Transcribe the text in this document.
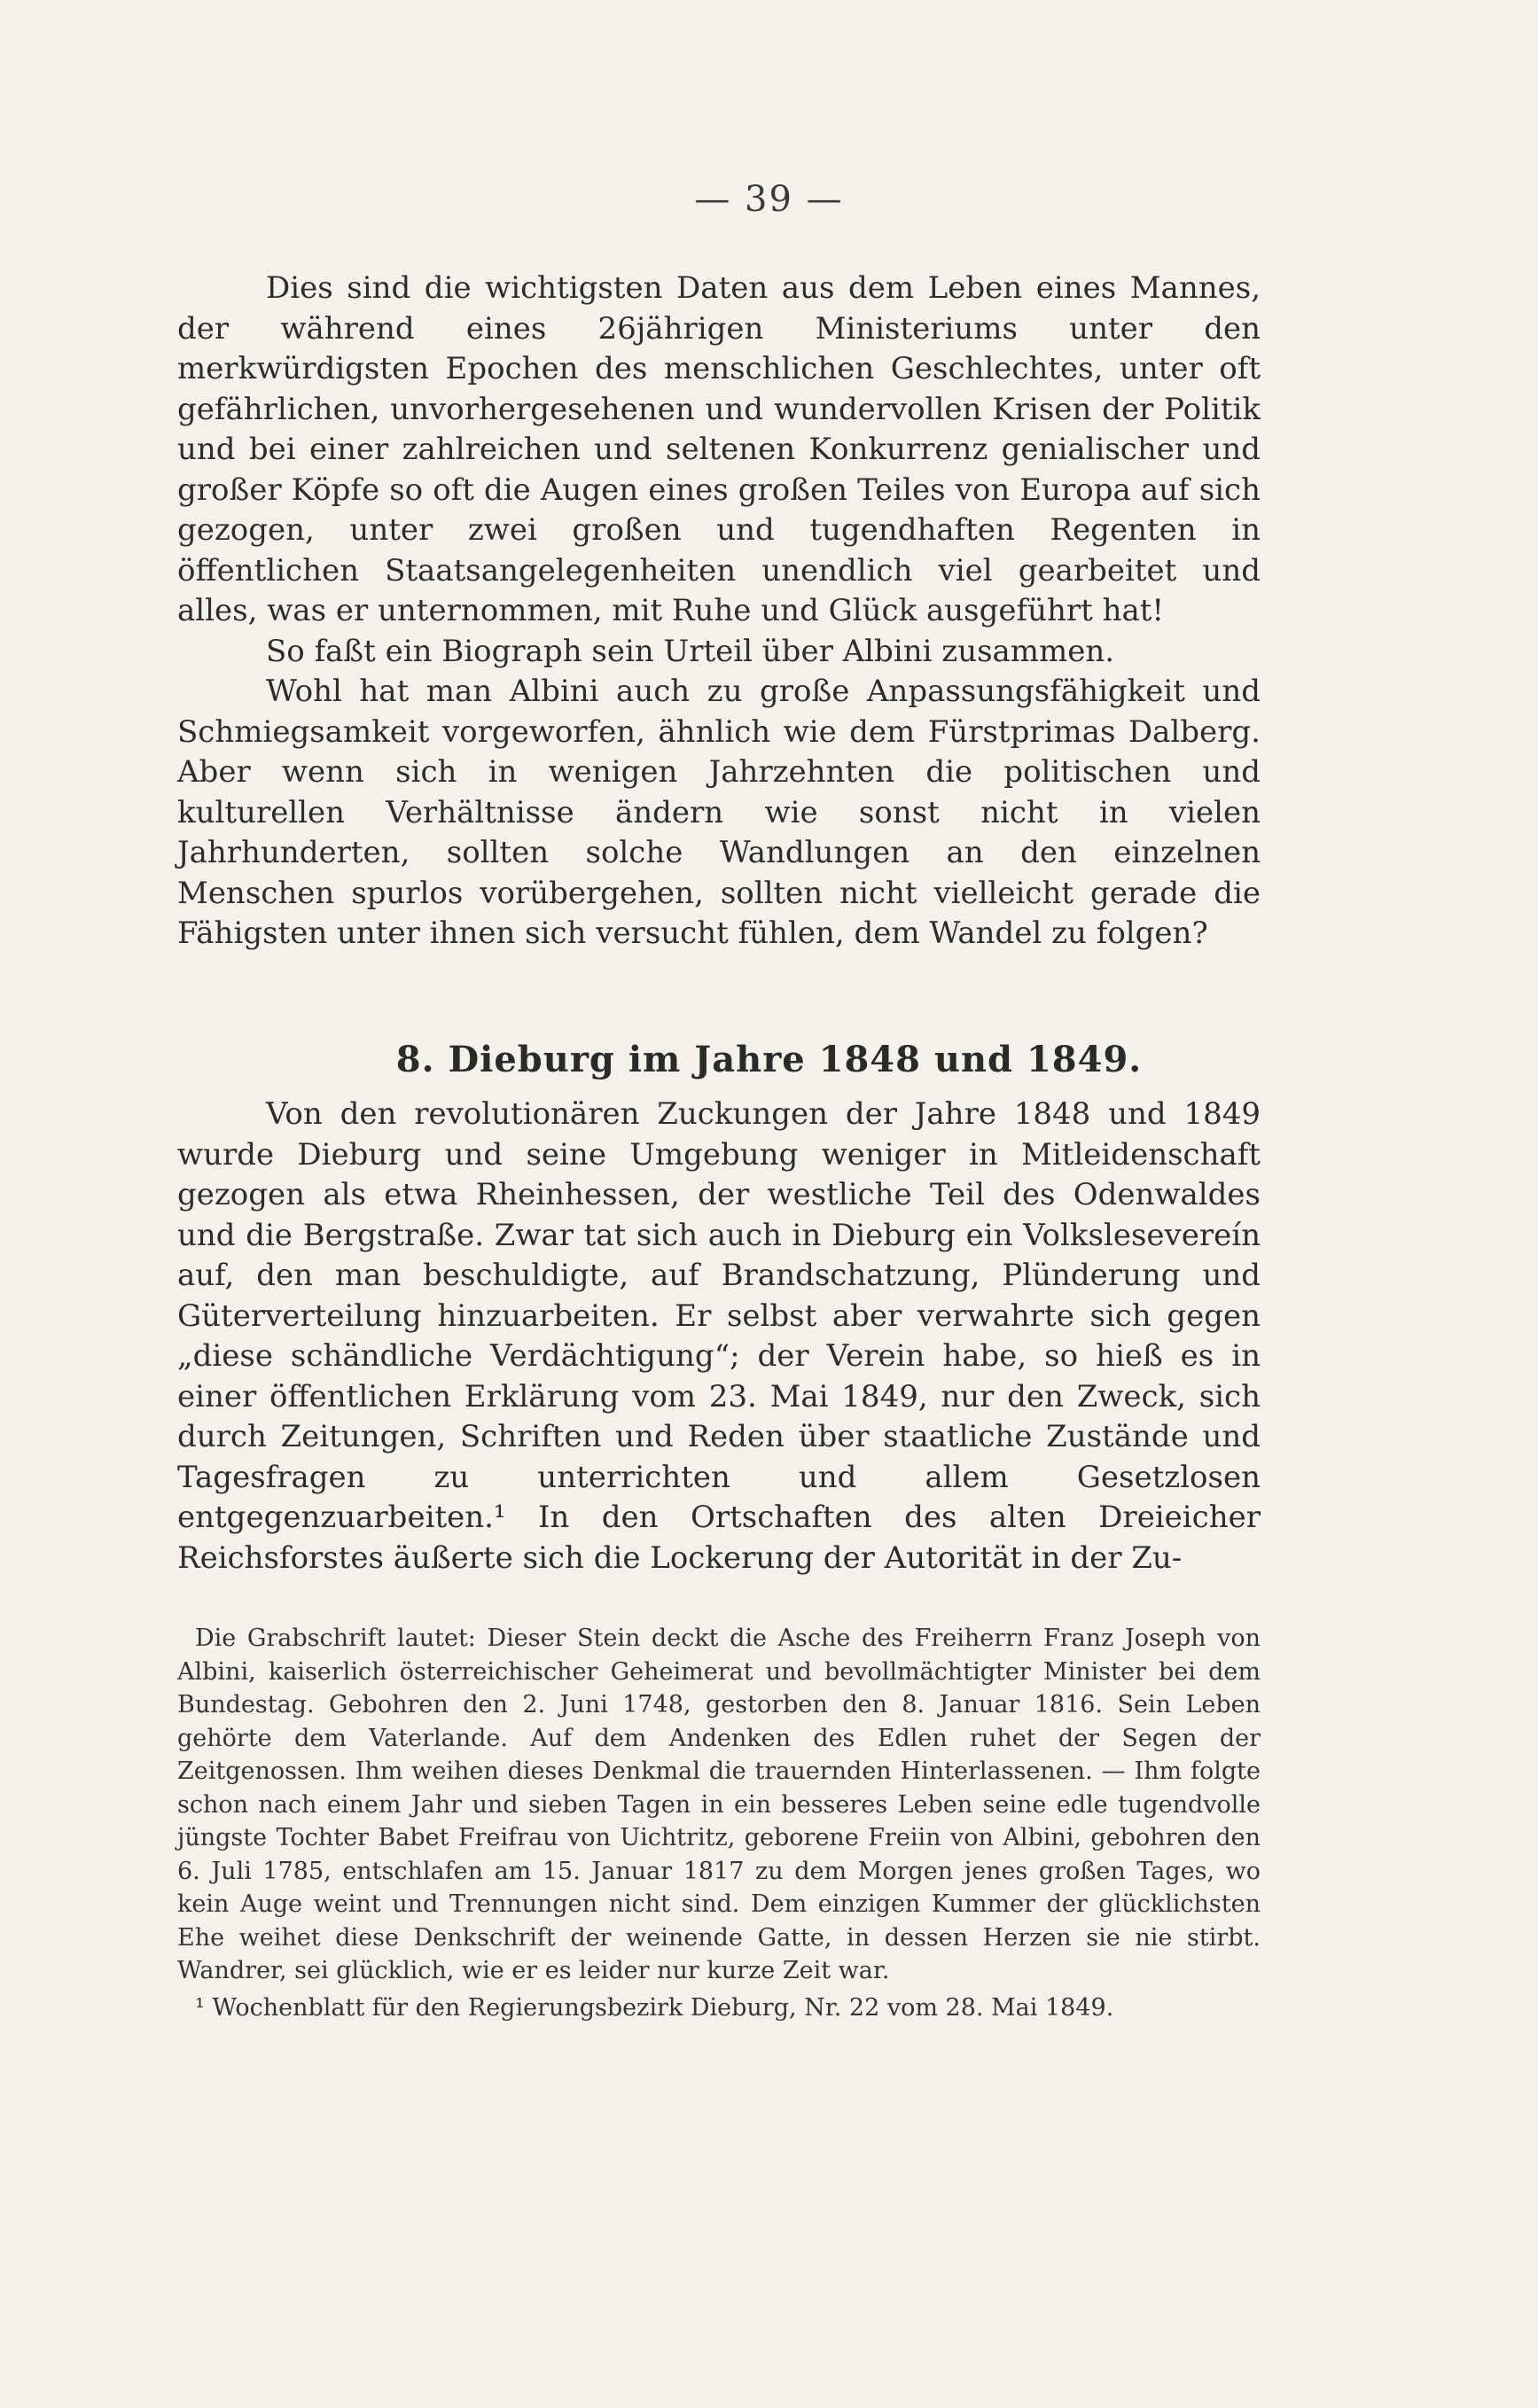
— 39 —

Dies sind die wichtigsten Daten aus dem Leben eines Mannes, der während eines 26jährigen Ministeriums unter den merkwürdigsten Epochen des menschlichen Geschlechtes, unter oft gefährlichen, unvorhergesehenen und wundervollen Krisen der Politik und bei einer zahlreichen und seltenen Konkurrenz genialischer und großer Köpfe so oft die Augen eines großen Teiles von Europa auf sich gezogen, unter zwei großen und tugendhaften Regenten in öffentlichen Staatsangelegenheiten unendlich viel gearbeitet und alles, was er unternommen, mit Ruhe und Glück ausgeführt hat!

So faßt ein Biograph sein Urteil über Albini zusammen.

Wohl hat man Albini auch zu große Anpassungsfähigkeit und Schmiegsamkeit vorgeworfen, ähnlich wie dem Fürstprimas Dalberg. Aber wenn sich in wenigen Jahrzehnten die politischen und kulturellen Verhältnisse ändern wie sonst nicht in vielen Jahrhunderten, sollten solche Wandlungen an den einzelnen Menschen spurlos vorübergehen, sollten nicht vielleicht gerade die Fähigsten unter ihnen sich versucht fühlen, dem Wandel zu folgen?

8. Dieburg im Jahre 1848 und 1849.

Von den revolutionären Zuckungen der Jahre 1848 und 1849 wurde Dieburg und seine Umgebung weniger in Mitleidenschaft gezogen als etwa Rheinhessen, der westliche Teil des Odenwaldes und die Bergstraße. Zwar tat sich auch in Dieburg ein Volkslesevereín auf, den man beschuldigte, auf Brandschatzung, Plünderung und Güterverteilung hinzuarbeiten. Er selbst aber verwahrte sich gegen „diese schändliche Verdächtigung“; der Verein habe, so hieß es in einer öffentlichen Erklärung vom 23. Mai 1849, nur den Zweck, sich durch Zeitungen, Schriften und Reden über staatliche Zustände und Tagesfragen zu unterrichten und allem Gesetzlosen entgegenzuarbeiten.¹ In den Ortschaften des alten Dreieicher Reichsforstes äußerte sich die Lockerung der Autorität in der Zu-

Die Grabschrift lautet: Dieser Stein deckt die Asche des Freiherrn Franz Joseph von Albini, kaiserlich österreichischer Geheimerat und bevollmächtigter Minister bei dem Bundestag. Gebohren den 2. Juni 1748, gestorben den 8. Januar 1816. Sein Leben gehörte dem Vaterlande. Auf dem Andenken des Edlen ruhet der Segen der Zeitgenossen. Ihm weihen dieses Denkmal die trauernden Hinterlassenen. — Ihm folgte schon nach einem Jahr und sieben Tagen in ein besseres Leben seine edle tugendvolle jüngste Tochter Babet Freifrau von Uichtritz, geborene Freiin von Albini, gebohren den 6. Juli 1785, entschlafen am 15. Januar 1817 zu dem Morgen jenes großen Tages, wo kein Auge weint und Trennungen nicht sind. Dem einzigen Kummer der glücklichsten Ehe weihet diese Denkschrift der weinende Gatte, in dessen Herzen sie nie stirbt. Wandrer, sei glücklich, wie er es leider nur kurze Zeit war.

¹ Wochenblatt für den Regierungsbezirk Dieburg, Nr. 22 vom 28. Mai 1849.
